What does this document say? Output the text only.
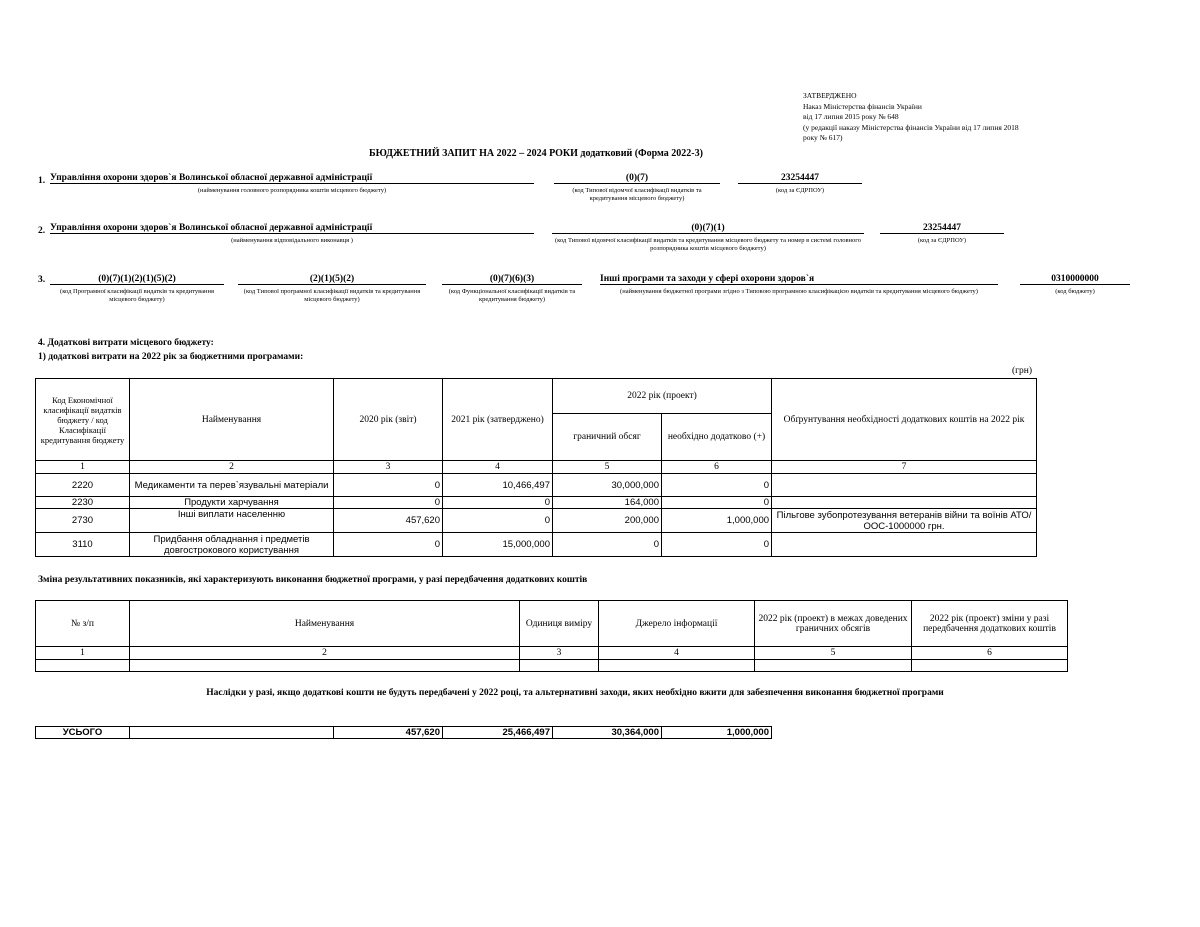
ЗАТВЕРДЖЕНО
Наказ Міністерства фінансів України
від 17 липня 2015 року № 648
(у редакції наказу Міністерства фінансів України від 17 липня 2018
року № 617)
БЮДЖЕТНИЙ ЗАПИТ НА 2022 – 2024 РОКИ додатковий (Форма 2022-3)
1. Управління охорони здоров`я Волинської обласної державної адміністрації
(найменування головного розпорядника коштів місцевого бюджету)
(0)(7)
(код Типової відомчої класифікації видатків та кредитування місцевого бюджету)
23254447
(код за ЄДРПОУ)
2. Управління охорони здоров`я Волинської обласної державної адміністрації
(найменування відповідального виконавця )
(0)(7)(1)
(код Типової відомчої класифікації видатків та кредитування місцевого бюджету та номер в системі головного розпорядника коштів місцевого бюджету)
23254447
(код за ЄДРПОУ)
3.	(0)(7)(1)(2)(1)(5)(2)
(код Програмної класифікації видатків та кредитування місцевого бюджету)
(2)(1)(5)(2)
(код Типової програмної класифікації видатків та кредитування місцевого бюджету)
(0)(7)(6)(3)
(код Функціональної класифікації видатків та кредитування бюджету)
Інші програми та заходи у сфері охорони здоров`я
(найменування бюджетної програми згідно з Типовою програмною класифікацією видатків та кредитування місцевого бюджету)
0310000000
(код бюджету)
4. Додаткові витрати місцевого бюджету:
1) додаткові витрати на 2022 рік за бюджетними програмами:
(грн)
Код Економічної класифікації видатків бюджету / код Класифікації кредитування бюджету	Найменування	2020 рік (звіт)	2021 рік (затверджено)	2022 рік (проект)		Обґрунтування необхідності додаткових коштів на 2022 рік
				граничний обсяг	необхідно додатково (+)	
1	2	3	4	5	6	7
2220	Медикаменти та перев`язувальні матеріали	0	10,466,497	30,000,000	0	
2230	Продукти харчування	0	0	164,000	0	
2730	Інші виплати населенню	457,620	0	200,000	1,000,000	Пільгове зубопротезування ветеранів війни та воїнів АТО/ООС-1000000 грн.
3110	Придбання обладнання і предметів довгострокового користування	0	15,000,000	0	0	
Зміна результативних показників, які характеризують виконання бюджетної програми, у разі передбачення додаткових коштів
№ з/п	Найменування	Одиниця виміру	Джерело інформації	2022 рік (проект) в межах доведених граничних обсягів	2022 рік (проект) зміни у разі передбачення додаткових коштів
1	2	3	4	5	6

Наслідки у разі, якщо додаткові кошти не будуть передбачені у 2022 році, та альтернативні заходи, яких необхідно вжити для забезпечення виконання бюджетної програми
УСЬОГО		457,620	25,466,497	30,364,000	1,000,000
